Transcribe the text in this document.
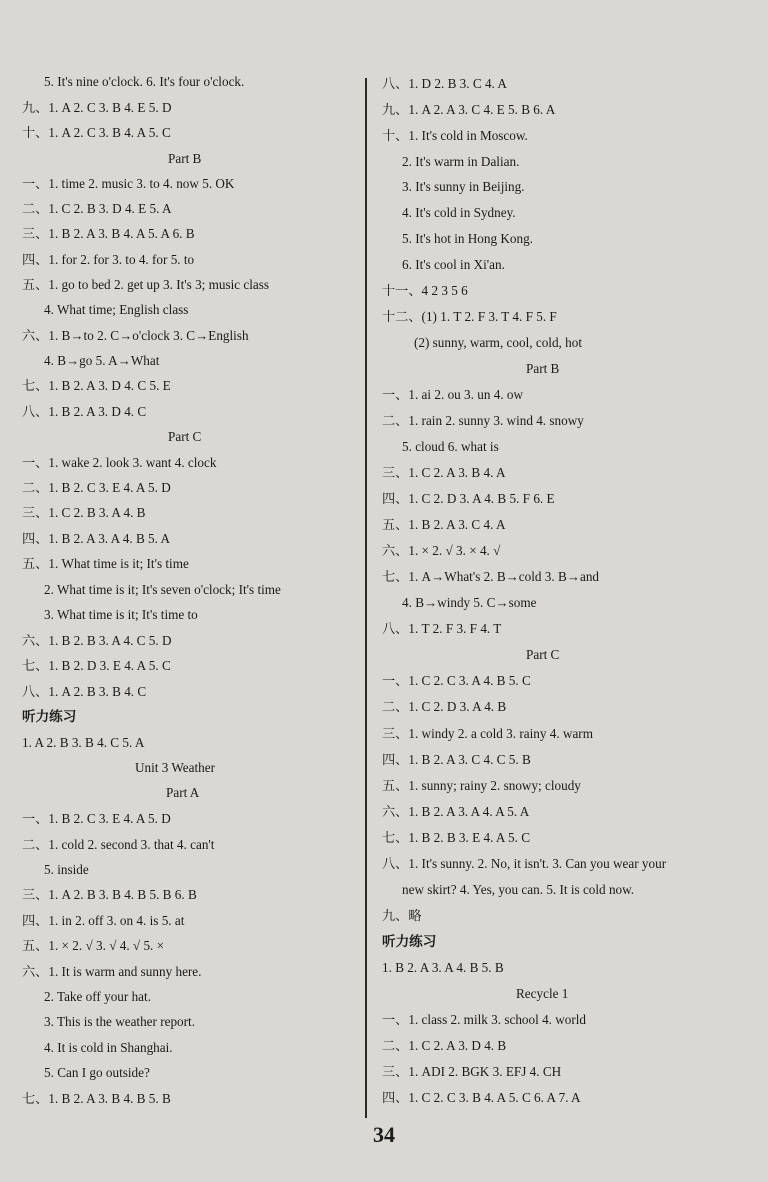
5. It's nine o'clock. 6. It's four o'clock.
九、1. A 2. C 3. B 4. E 5. D
十、1. A 2. C 3. B 4. A 5. C
Part B
一、1. time 2. music 3. to 4. now 5. OK
二、1. C 2. B 3. D 4. E 5. A
三、1. B 2. A 3. B 4. A 5. A 6. B
四、1. for 2. for 3. to 4. for 5. to
五、1. go to bed 2. get up 3. It's 3; music class
4. What time; English class
六、1. B→to 2. C→o'clock 3. C→English
4. B→go 5. A→What
七、1. B 2. A 3. D 4. C 5. E
八、1. B 2. A 3. D 4. C
Part C
一、1. wake 2. look 3. want 4. clock
二、1. B 2. C 3. E 4. A 5. D
三、1. C 2. B 3. A 4. B
四、1. B 2. A 3. A 4. B 5. A
五、1. What time is it; It's time
2. What time is it; It's seven o'clock; It's time
3. What time is it; It's time to
六、1. B 2. B 3. A 4. C 5. D
七、1. B 2. D 3. E 4. A 5. C
八、1. A 2. B 3. B 4. C
听力练习
1. A 2. B 3. B 4. C 5. A
Unit 3 Weather
Part A
一、1. B 2. C 3. E 4. A 5. D
二、1. cold 2. second 3. that 4. can't
5. inside
三、1. A 2. B 3. B 4. B 5. B 6. B
四、1. in 2. off 3. on 4. is 5. at
五、1. × 2. √ 3. √ 4. √ 5. ×
六、1. It is warm and sunny here.
2. Take off your hat.
3. This is the weather report.
4. It is cold in Shanghai.
5. Can I go outside?
七、1. B 2. A 3. B 4. B 5. B
八、1. D 2. B 3. C 4. A
九、1. A 2. A 3. C 4. E 5. B 6. A
十、1. It's cold in Moscow.
2. It's warm in Dalian.
3. It's sunny in Beijing.
4. It's cold in Sydney.
5. It's hot in Hong Kong.
6. It's cool in Xi'an.
十一、4 2 3 5 6
十二、(1) 1. T 2. F 3. T 4. F 5. F
(2) sunny, warm, cool, cold, hot
Part B
一、1. ai 2. ou 3. un 4. ow
二、1. rain 2. sunny 3. wind 4. snowy
5. cloud 6. what is
三、1. C 2. A 3. B 4. A
四、1. C 2. D 3. A 4. B 5. F 6. E
五、1. B 2. A 3. C 4. A
六、1. × 2. √ 3. × 4. √
七、1. A→What's 2. B→cold 3. B→and
4. B→windy 5. C→some
八、1. T 2. F 3. F 4. T
Part C
一、1. C 2. C 3. A 4. B 5. C
二、1. C 2. D 3. A 4. B
三、1. windy 2. a cold 3. rainy 4. warm
四、1. B 2. A 3. C 4. C 5. B
五、1. sunny; rainy 2. snowy; cloudy
六、1. B 2. A 3. A 4. A 5. A
七、1. B 2. B 3. E 4. A 5. C
八、1. It's sunny. 2. No, it isn't. 3. Can you wear your
new skirt? 4. Yes, you can. 5. It is cold now.
九、略
听力练习
1. B 2. A 3. A 4. B 5. B
Recycle 1
一、1. class 2. milk 3. school 4. world
二、1. C 2. A 3. D 4. B
三、1. ADI 2. BGK 3. EFJ 4. CH
四、1. C 2. C 3. B 4. A 5. C 6. A 7. A
34
